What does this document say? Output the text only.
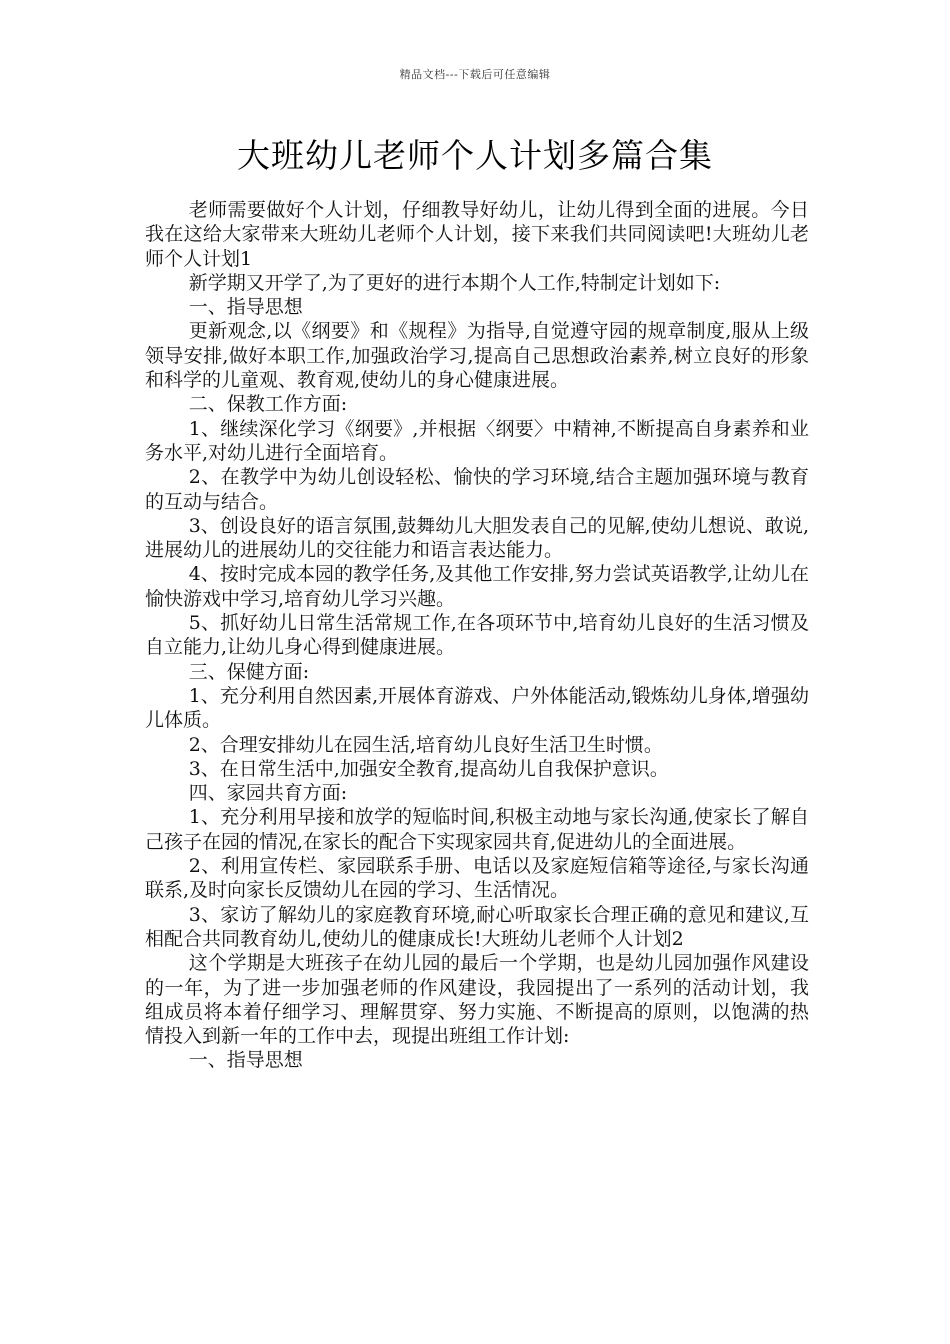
精品文档---下载后可任意编辑
大班幼儿老师个人计划多篇合集

老师需要做好个人计划，仔细教导好幼儿，让幼儿得到全面的进展。今日我在这给大家带来大班幼儿老师个人计划，接下来我们共同阅读吧!大班幼儿老师个人计划1

新学期又开学了,为了更好的进行本期个人工作,特制定计划如下:

一、指导思想

更新观念,以《纲要》和《规程》为指导,自觉遵守园的规章制度,服从上级领导安排,做好本职工作,加强政治学习,提高自己思想政治素养,树立良好的形象和科学的儿童观、教育观,使幼儿的身心健康进展。

二、保教工作方面:

1、继续深化学习《纲要》,并根据〈纲要〉中精神,不断提高自身素养和业务水平,对幼儿进行全面培育。

2、在教学中为幼儿创设轻松、愉快的学习环境,结合主题加强环境与教育的互动与结合。

3、创设良好的语言氛围,鼓舞幼儿大胆发表自己的见解,使幼儿想说、敢说,进展幼儿的进展幼儿的交往能力和语言表达能力。

4、按时完成本园的教学任务,及其他工作安排,努力尝试英语教学,让幼儿在愉快游戏中学习,培育幼儿学习兴趣。

5、抓好幼儿日常生活常规工作,在各项环节中,培育幼儿良好的生活习惯及自立能力,让幼儿身心得到健康进展。

三、保健方面:

1、充分利用自然因素,开展体育游戏、户外体能活动,锻炼幼儿身体,增强幼儿体质。

2、合理安排幼儿在园生活,培育幼儿良好生活卫生时惯。

3、在日常生活中,加强安全教育,提高幼儿自我保护意识。

四、家园共育方面:

1、充分利用早接和放学的短临时间,积极主动地与家长沟通,使家长了解自己孩子在园的情况,在家长的配合下实现家园共育,促进幼儿的全面进展。

2、利用宣传栏、家园联系手册、电话以及家庭短信箱等途径,与家长沟通联系,及时向家长反馈幼儿在园的学习、生活情况。

3、家访了解幼儿的家庭教育环境,耐心听取家长合理正确的意见和建议,互相配合共同教育幼儿,使幼儿的健康成长!大班幼儿老师个人计划2

这个学期是大班孩子在幼儿园的最后一个学期，也是幼儿园加强作风建设的一年，为了进一步加强老师的作风建设，我园提出了一系列的活动计划，我组成员将本着仔细学习、理解贯穿、努力实施、不断提高的原则，以饱满的热情投入到新一年的工作中去，现提出班组工作计划:

一、指导思想
